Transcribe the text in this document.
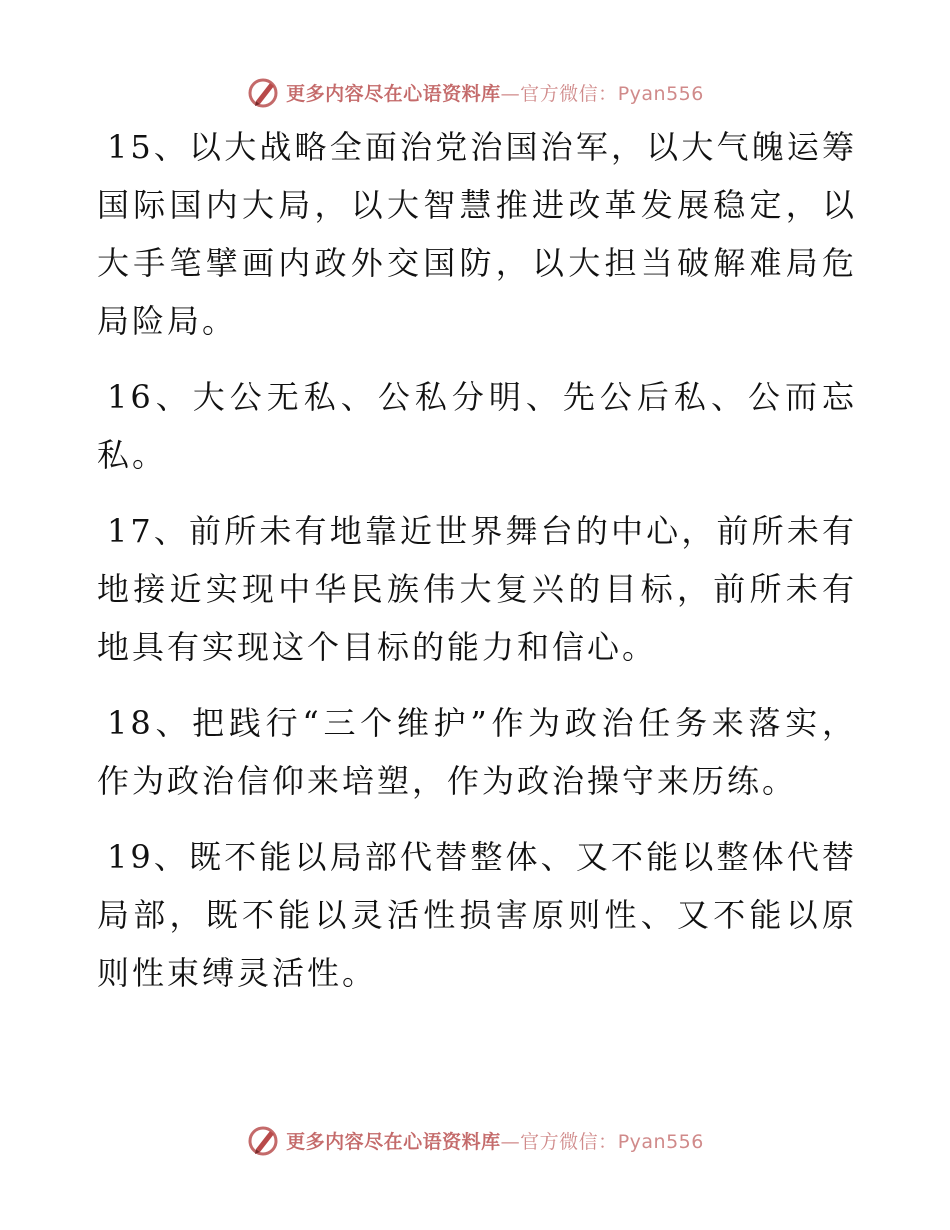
更多内容尽在心语资料库—官方微信：Pyan556

15、以大战略全面治党治国治军，以大气魄运筹国际国内大局，以大智慧推进改革发展稳定，以大手笔擘画内政外交国防，以大担当破解难局危局险局。

16、大公无私、公私分明、先公后私、公而忘私。

17、前所未有地靠近世界舞台的中心，前所未有地接近实现中华民族伟大复兴的目标，前所未有地具有实现这个目标的能力和信心。

18、把践行“三个维护”作为政治任务来落实，作为政治信仰来培塑，作为政治操守来历练。

19、既不能以局部代替整体、又不能以整体代替局部，既不能以灵活性损害原则性、又不能以原则性束缚灵活性。

更多内容尽在心语资料库—官方微信：Pyan556
